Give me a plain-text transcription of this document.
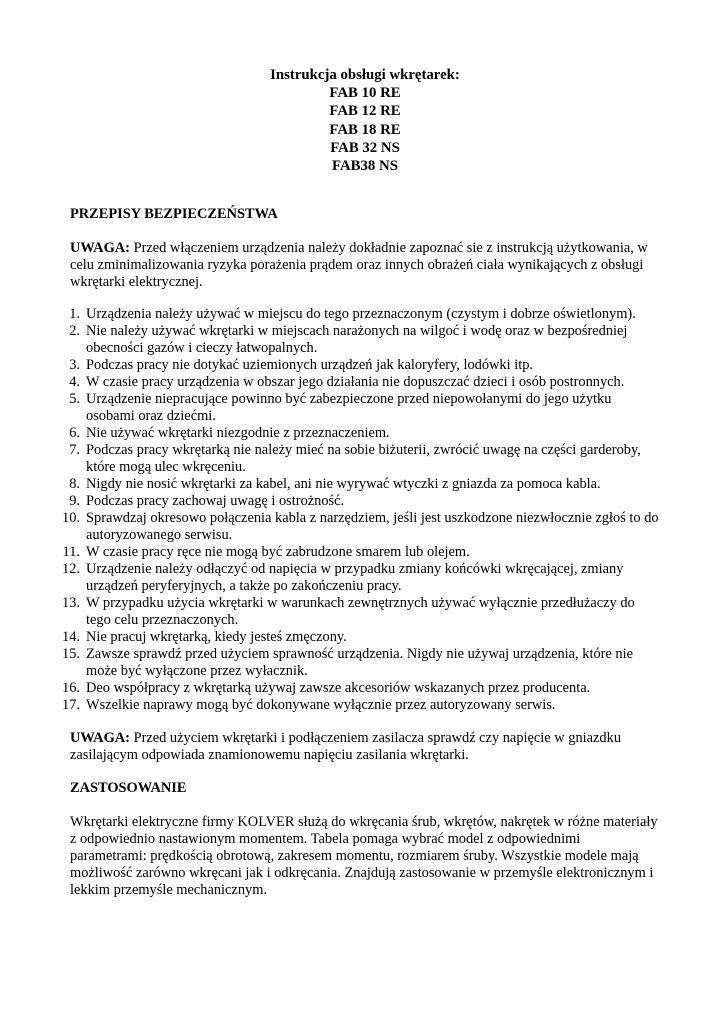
Instrukcja obsługi wkrętarek:

FAB 10 RE

FAB 12 RE

FAB 18 RE

FAB 32 NS

FAB38 NS

PRZEPISY BEZPIECZEŃSTWA

UWAGA: Przed włączeniem urządzenia należy dokładnie zapoznać sie z instrukcją użytkowania, w celu zminimalizowania ryzyka porażenia prądem oraz innych obrażeń ciała wynikających z obsługi wkrętarki elektrycznej.

1. Urządzenia należy używać w miejscu do tego przeznaczonym (czystym i dobrze oświetlonym).
2. Nie należy używać wkrętarki w miejscach narażonych na wilgoć i wodę oraz w bezpośredniej obecności gazów i cieczy łatwopalnych.
3. Podczas pracy nie dotykać uziemionych urządzeń jak kaloryfery, lodówki itp.
4. W czasie pracy urządzenia w obszar jego działania nie dopuszczać dzieci i osób postronnych.
5. Urządzenie niepracujące powinno być zabezpieczone przed niepowołanymi do jego użytku osobami oraz dziećmi.
6. Nie używać wkrętarki niezgodnie z przeznaczeniem.
7. Podczas pracy wkrętarką nie należy mieć na sobie biżuterii, zwrócić uwagę na części garderoby, które mogą ulec wkręceniu.
8. Nigdy nie nosić wkrętarki za kabel, ani nie wyrywać wtyczki z gniazda za pomoca kabla.
9. Podczas pracy zachowaj uwagę i ostrożność.
10. Sprawdzaj okresowo połączenia kabla z narzędziem, jeśli jest uszkodzone niezwłocznie zgłoś to do autoryzowanego serwisu.
11. W czasie pracy ręce nie mogą być zabrudzone smarem lub olejem.
12. Urządzenie należy odłączyć od napięcia w przypadku zmiany końcówki wkręcającej, zmiany urządzeń peryferyjnych, a także po zakończeniu pracy.
13. W przypadku użycia wkrętarki w warunkach zewnętrznych używać wyłącznie przedłużaczy do tego celu przeznaczonych.
14. Nie pracuj wkrętarką, kiedy jesteś zmęczony.
15. Zawsze sprawdź przed użyciem sprawność urządzenia. Nigdy nie używaj urządzenia, które nie może być wyłączone przez wyłacznik.
16. Deo współpracy z wkrętarką używaj zawsze akcesoriów wskazanych przez producenta.
17. Wszelkie naprawy mogą być dokonywane wyłącznie przez autoryzowany serwis.

UWAGA: Przed użyciem wkrętarki i podłączeniem zasilacza sprawdź czy napięcie w gniazdku zasilającym odpowiada znamionowemu napięciu zasilania wkrętarki.

ZASTOSOWANIE

Wkrętarki elektryczne firmy KOLVER służą do wkręcania śrub, wkrętów, nakrętek w różne materiały z odpowiednio nastawionym momentem. Tabela pomaga wybrać model z odpowiednimi parametrami: prędkością obrotową, zakresem momentu, rozmiarem śruby. Wszystkie modele mają możliwość zarówno wkręcani jak i odkręcania. Znajdują zastosowanie w przemyśle elektronicznym i lekkim przemyśle mechanicznym.
